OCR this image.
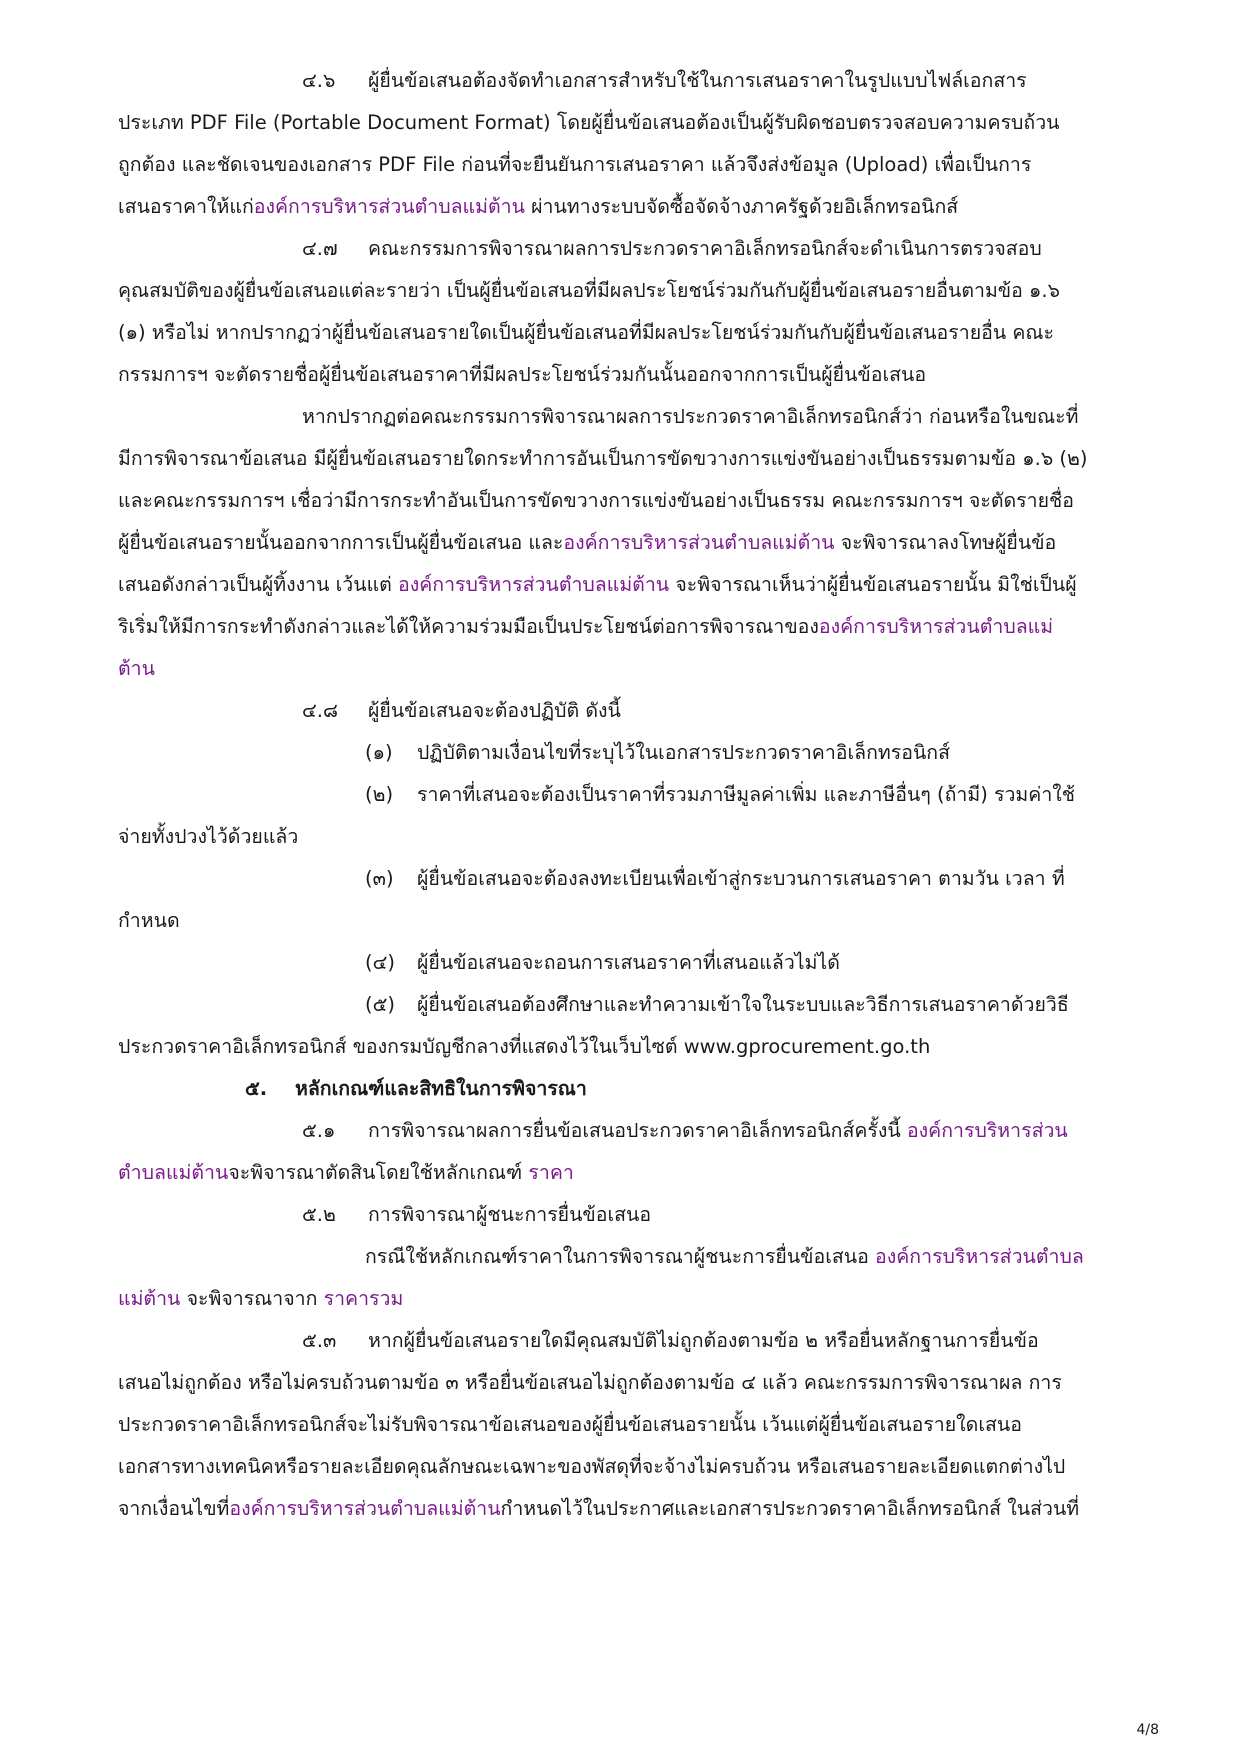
๔.๖ ผู้ยื่นข้อเสนอต้องจัดทำเอกสารสำหรับใช้ในการเสนอราคาในรูปแบบไฟล์เอกสาร
ประเภท PDF File (Portable Document Format) โดยผู้ยื่นข้อเสนอต้องเป็นผู้รับผิดชอบตรวจสอบความครบถ้วน
ถูกต้อง และชัดเจนของเอกสาร PDF File ก่อนที่จะยืนยันการเสนอราคา แล้วจึงส่งข้อมูล (Upload) เพื่อเป็นการ
เสนอราคาให้แก่องค์การบริหารส่วนตำบลแม่ต้าน ผ่านทางระบบจัดซื้อจัดจ้างภาครัฐด้วยอิเล็กทรอนิกส์
๔.๗ คณะกรรมการพิจารณาผลการประกวดราคาอิเล็กทรอนิกส์จะดำเนินการตรวจสอบ
คุณสมบัติของผู้ยื่นข้อเสนอแต่ละรายว่า เป็นผู้ยื่นข้อเสนอที่มีผลประโยชน์ร่วมกันกับผู้ยื่นข้อเสนอรายอื่นตามข้อ ๑.๖
(๑) หรือไม่ หากปรากฏว่าผู้ยื่นข้อเสนอรายใดเป็นผู้ยื่นข้อเสนอที่มีผลประโยชน์ร่วมกันกับผู้ยื่นข้อเสนอรายอื่น คณะ
กรรมการฯ จะตัดรายชื่อผู้ยื่นข้อเสนอราคาที่มีผลประโยชน์ร่วมกันนั้นออกจากการเป็นผู้ยื่นข้อเสนอ
หากปรากฏต่อคณะกรรมการพิจารณาผลการประกวดราคาอิเล็กทรอนิกส์ว่า ก่อนหรือในขณะที่
มีการพิจารณาข้อเสนอ มีผู้ยื่นข้อเสนอรายใดกระทำการอันเป็นการขัดขวางการแข่งขันอย่างเป็นธรรมตามข้อ ๑.๖ (๒)
และคณะกรรมการฯ เชื่อว่ามีการกระทำอันเป็นการขัดขวางการแข่งขันอย่างเป็นธรรม คณะกรรมการฯ จะตัดรายชื่อ
ผู้ยื่นข้อเสนอรายนั้นออกจากการเป็นผู้ยื่นข้อเสนอ และองค์การบริหารส่วนตำบลแม่ต้าน จะพิจารณาลงโทษผู้ยื่นข้อ
เสนอดังกล่าวเป็นผู้ทิ้งงาน เว้นแต่ องค์การบริหารส่วนตำบลแม่ต้าน จะพิจารณาเห็นว่าผู้ยื่นข้อเสนอรายนั้น มิใช่เป็นผู้
ริเริ่มให้มีการกระทำดังกล่าวและได้ให้ความร่วมมือเป็นประโยชน์ต่อการพิจารณาขององค์การบริหารส่วนตำบลแม่
ต้าน
๔.๘ ผู้ยื่นข้อเสนอจะต้องปฏิบัติ ดังนี้
(๑) ปฏิบัติตามเงื่อนไขที่ระบุไว้ในเอกสารประกวดราคาอิเล็กทรอนิกส์
(๒) ราคาที่เสนอจะต้องเป็นราคาที่รวมภาษีมูลค่าเพิ่ม และภาษีอื่นๆ (ถ้ามี) รวมค่าใช้
จ่ายทั้งปวงไว้ด้วยแล้ว
(๓) ผู้ยื่นข้อเสนอจะต้องลงทะเบียนเพื่อเข้าสู่กระบวนการเสนอราคา ตามวัน เวลา ที่
กำหนด
(๔) ผู้ยื่นข้อเสนอจะถอนการเสนอราคาที่เสนอแล้วไม่ได้
(๕) ผู้ยื่นข้อเสนอต้องศึกษาและทำความเข้าใจในระบบและวิธีการเสนอราคาด้วยวิธี
ประกวดราคาอิเล็กทรอนิกส์ ของกรมบัญชีกลางที่แสดงไว้ในเว็บไซต์ www.gprocurement.go.th
๕. หลักเกณฑ์และสิทธิในการพิจารณา
๕.๑ การพิจารณาผลการยื่นข้อเสนอประกวดราคาอิเล็กทรอนิกส์ครั้งนี้ องค์การบริหารส่วน
ตำบลแม่ต้านจะพิจารณาตัดสินโดยใช้หลักเกณฑ์ ราคา
๕.๒ การพิจารณาผู้ชนะการยื่นข้อเสนอ
กรณีใช้หลักเกณฑ์ราคาในการพิจารณาผู้ชนะการยื่นข้อเสนอ องค์การบริหารส่วนตำบล
แม่ต้าน จะพิจารณาจาก ราคารวม
๕.๓ หากผู้ยื่นข้อเสนอรายใดมีคุณสมบัติไม่ถูกต้องตามข้อ ๒ หรือยื่นหลักฐานการยื่นข้อ
เสนอไม่ถูกต้อง หรือไม่ครบถ้วนตามข้อ ๓ หรือยื่นข้อเสนอไม่ถูกต้องตามข้อ ๔ แล้ว คณะกรรมการพิจารณาผล การ
ประกวดราคาอิเล็กทรอนิกส์จะไม่รับพิจารณาข้อเสนอของผู้ยื่นข้อเสนอรายนั้น เว้นแต่ผู้ยื่นข้อเสนอรายใดเสนอ
เอกสารทางเทคนิคหรือรายละเอียดคุณลักษณะเฉพาะของพัสดุที่จะจ้างไม่ครบถ้วน หรือเสนอรายละเอียดแตกต่างไป
จากเงื่อนไขที่องค์การบริหารส่วนตำบลแม่ต้านกำหนดไว้ในประกาศและเอกสารประกวดราคาอิเล็กทรอนิกส์ ในส่วนที่
4/8
